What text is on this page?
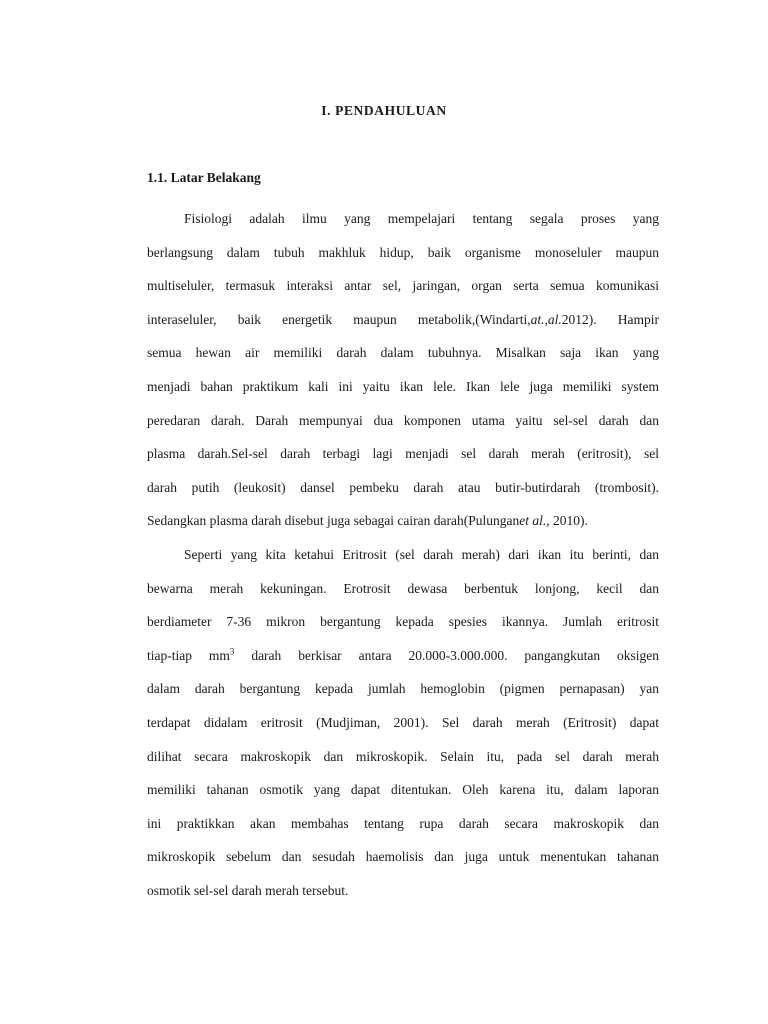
I. PENDAHULUAN
1.1. Latar Belakang

Fisiologi adalah ilmu yang mempelajari tentang segala proses yang
berlangsung dalam tubuh makhluk hidup, baik organisme monoseluler maupun
multiseluler, termasuk interaksi antar sel, jaringan, organ serta semua komunikasi
interaseluler, baik energetik maupun metabolik,(Windarti,at.,al.2012). Hampir
semua hewan air memiliki darah dalam tubuhnya. Misalkan saja ikan yang
menjadi bahan praktikum kali ini yaitu ikan lele. Ikan lele juga memiliki system
peredaran darah. Darah mempunyai dua komponen utama yaitu sel-sel darah dan
plasma darah.Sel-sel darah terbagi lagi menjadi sel darah merah (eritrosit), sel
darah putih (leukosit) dansel pembeku darah atau butir-butirdarah (trombosit).
Sedangkan plasma darah disebut juga sebagai cairan darah(Pulunganet al., 2010).

Seperti yang kita ketahui Eritrosit (sel darah merah) dari ikan itu berinti, dan
bewarna merah kekuningan. Erotrosit dewasa berbentuk lonjong, kecil dan
berdiameter 7-36 mikron bergantung kepada spesies ikannya. Jumlah eritrosit
tiap-tiap $mm^3$ darah berkisar antara 20.000-3.000.000. pangangkutan oksigen
dalam darah bergantung kepada jumlah hemoglobin (pigmen pernapasan) yan
terdapat didalam eritrosit (Mudjiman, 2001). Sel darah merah (Eritrosit) dapat
dilihat secara makroskopik dan mikroskopik. Selain itu, pada sel darah merah
memiliki tahanan osmotik yang dapat ditentukan. Oleh karena itu, dalam laporan
ini praktikkan akan membahas tentang rupa darah secara makroskopik dan
mikroskopik sebelum dan sesudah haemolisis dan juga untuk menentukan tahanan
osmotik sel-sel darah merah tersebut.
